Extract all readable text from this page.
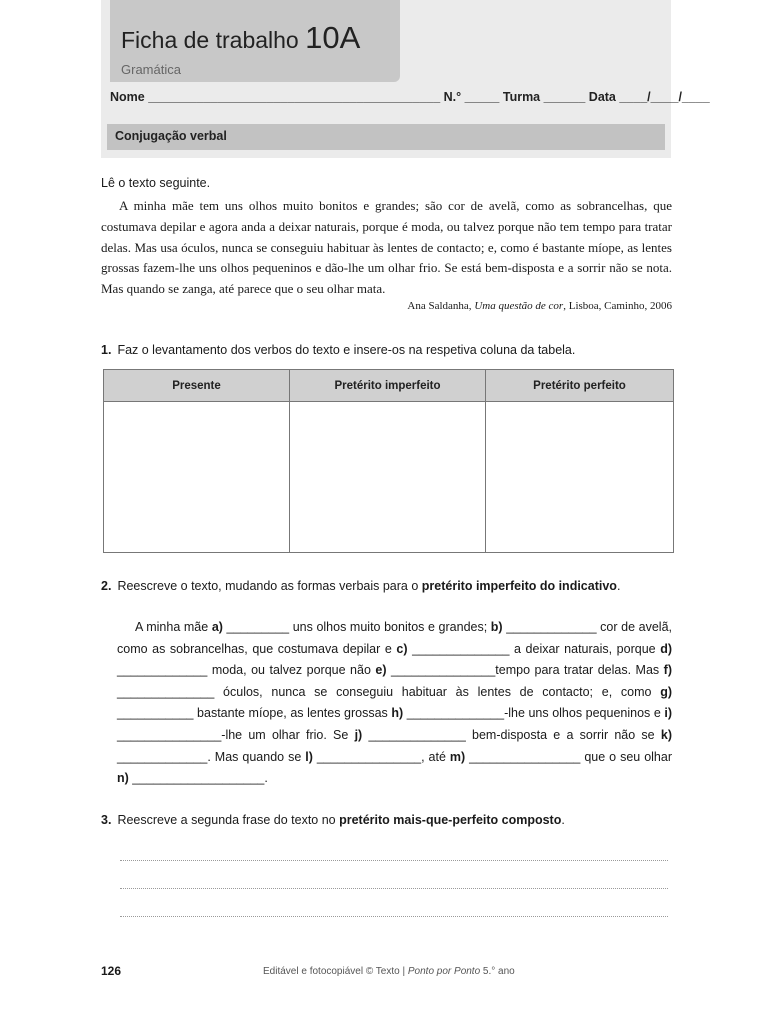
Ficha de trabalho 10A
Gramática
Nome __________________________________________ N.° _____ Turma ______ Data ____/____/____
Conjugação verbal
Lê o texto seguinte.

A minha mãe tem uns olhos muito bonitos e grandes; são cor de avelã, como as sobrancelhas, que costumava depilar e agora anda a deixar naturais, porque é moda, ou talvez porque não tem tempo para tratar delas. Mas usa óculos, nunca se conseguiu habituar às lentes de contacto; e, como é bastante míope, as lentes grossas fazem-lhe uns olhos pequeninos e dão-lhe um olhar frio. Se está bem-disposta e a sorrir não se nota. Mas quando se zanga, até parece que o seu olhar mata.

Ana Saldanha, Uma questão de cor, Lisboa, Caminho, 2006
1. Faz o levantamento dos verbos do texto e insere-os na respetiva coluna da tabela.
Presente	Pretérito imperfeito	Pretérito perfeito

2. Reescreve o texto, mudando as formas verbais para o pretérito imperfeito do indicativo.

A minha mãe a) _________ uns olhos muito bonitos e grandes; b) _____________ cor de avelã, como as sobrancelhas, que costumava depilar e c) ______________ a deixar naturais, porque d) _____________ moda, ou talvez porque não e) _______________tempo para tratar delas. Mas f) ______________ óculos, nunca se conseguiu habituar às lentes de contacto; e, como g) ___________ bastante míope, as lentes grossas h) ______________-lhe uns olhos pequeninos e i) _______________-lhe um olhar frio. Se j) ______________ bem-disposta e a sorrir não se k) _____________. Mas quando se l) _______________, até m) ________________ que o seu olhar n) ___________________.

3. Reescreve a segunda frase do texto no pretérito mais-que-perfeito composto.
126	Editável e fotocopiável © Texto | Ponto por Ponto 5.° ano
